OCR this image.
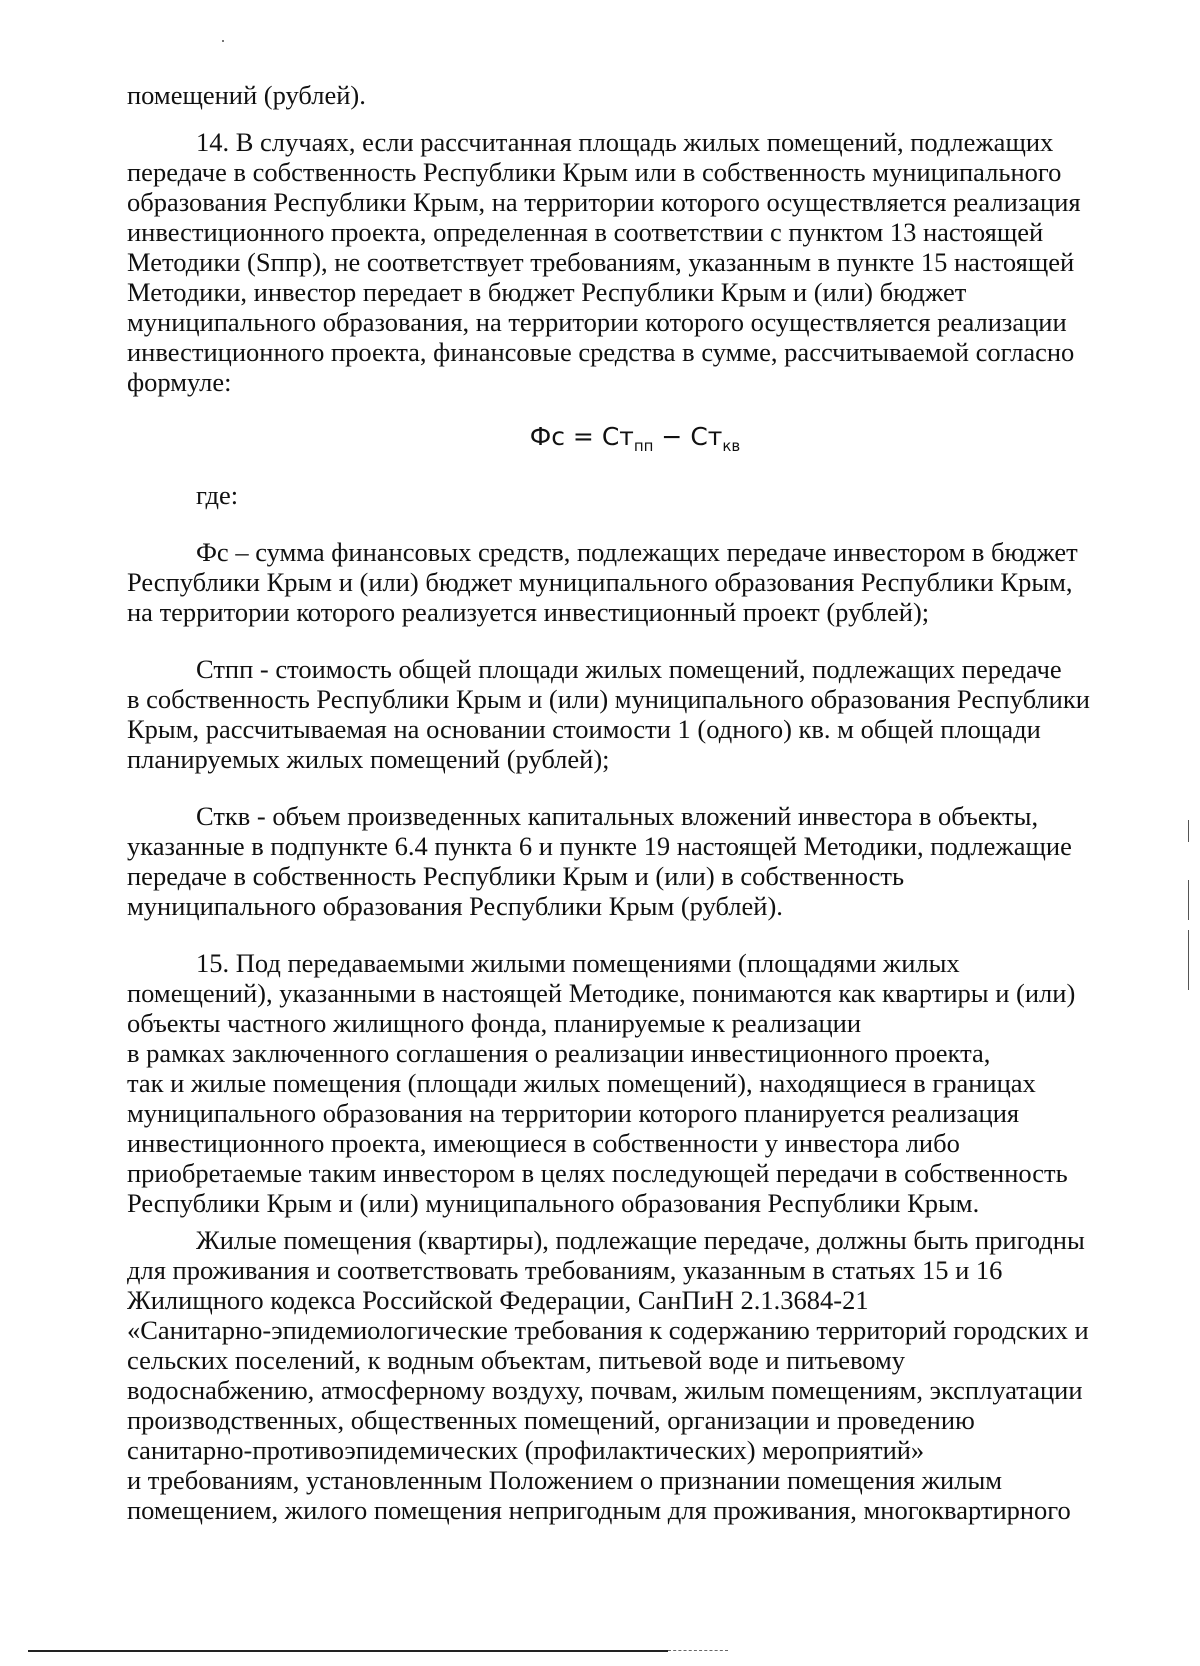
помещений (рублей).
14. В случаях, если рассчитанная площадь жилых помещений, подлежащих
передаче в собственность Республики Крым или в собственность муниципального
образования Республики Крым, на территории которого осуществляется реализация
инвестиционного проекта, определенная в соответствии с пунктом 13 настоящей
Методики (Sппр), не соответствует требованиям, указанным в пункте 15 настоящей
Методики, инвестор передает в бюджет Республики Крым и (или) бюджет
муниципального образования, на территории которого осуществляется реализации
инвестиционного проекта, финансовые средства в сумме, рассчитываемой согласно
формуле:
Фс = $Ст_{пп} - Ст_{кв}$
где:
Фс – сумма финансовых средств, подлежащих передаче инвестором в бюджет
Республики Крым и (или) бюджет муниципального образования Республики Крым,
на территории которого реализуется инвестиционный проект (рублей);
Стпп - стоимость общей площади жилых помещений, подлежащих передаче
в собственность Республики Крым и (или) муниципального образования Республики
Крым, рассчитываемая на основании стоимости 1 (одного) кв. м общей площади
планируемых жилых помещений (рублей);
Сткв - объем произведенных капитальных вложений инвестора в объекты,
указанные в подпункте 6.4 пункта 6 и пункте 19 настоящей Методики, подлежащие
передаче в собственность Республики Крым и (или) в собственность
муниципального образования Республики Крым (рублей).
15. Под передаваемыми жилыми помещениями (площадями жилых
помещений), указанными в настоящей Методике, понимаются как квартиры и (или)
объекты частного жилищного фонда, планируемые к реализации
в рамках заключенного соглашения о реализации инвестиционного проекта,
так и жилые помещения (площади жилых помещений), находящиеся в границах
муниципального образования на территории которого планируется реализация
инвестиционного проекта, имеющиеся в собственности у инвестора либо
приобретаемые таким инвестором в целях последующей передачи в собственность
Республики Крым и (или) муниципального образования Республики Крым.
Жилые помещения (квартиры), подлежащие передаче, должны быть пригодны
для проживания и соответствовать требованиям, указанным в статьях 15 и 16
Жилищного кодекса Российской Федерации, СанПиН 2.1.3684-21
«Санитарно-эпидемиологические требования к содержанию территорий городских и
сельских поселений, к водным объектам, питьевой воде и питьевому
водоснабжению, атмосферному воздуху, почвам, жилым помещениям, эксплуатации
производственных, общественных помещений, организации и проведению
санитарно-противоэпидемических (профилактических) мероприятий»
и требованиям, установленным Положением о признании помещения жилым
помещением, жилого помещения непригодным для проживания, многоквартирного
